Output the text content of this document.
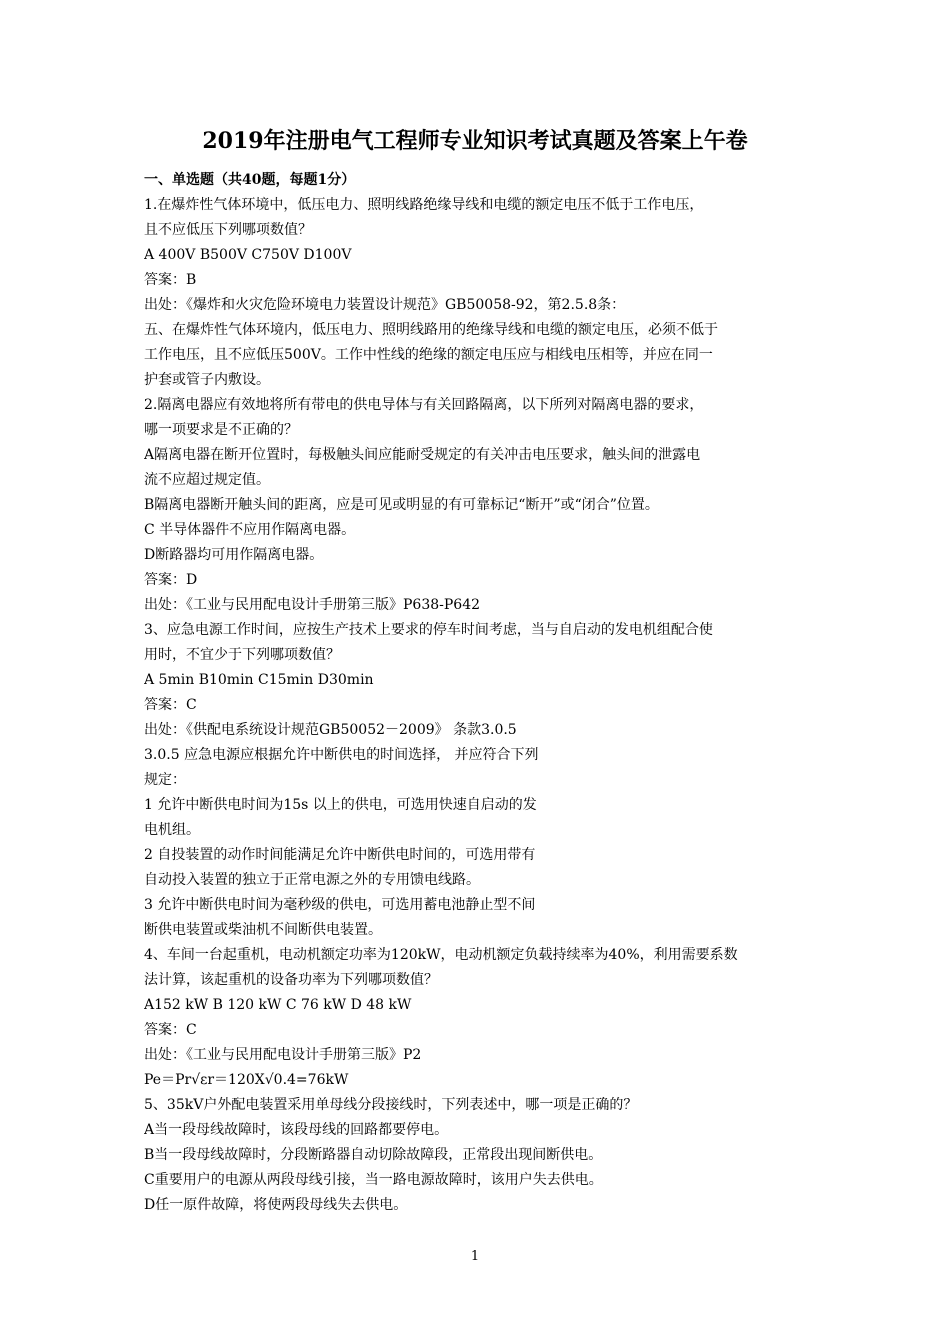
2019年注册电气工程师专业知识考试真题及答案上午卷
一、单选题（共40题，每题1分）
1.在爆炸性气体环境中，低压电力、照明线路绝缘导线和电缆的额定电压不低于工作电压，
且不应低压下列哪项数值？
A 400V B500V C750V D100V
答案：B
出处：《爆炸和火灾危险环境电力装置设计规范》GB50058-92，第2.5.8条：
五、在爆炸性气体环境内，低压电力、照明线路用的绝缘导线和电缆的额定电压，必须不低于
工作电压，且不应低压500V。工作中性线的绝缘的额定电压应与相线电压相等，并应在同一
护套或管子内敷设。
2.隔离电器应有效地将所有带电的供电导体与有关回路隔离，以下所列对隔离电器的要求，
哪一项要求是不正确的？
A隔离电器在断开位置时，每极触头间应能耐受规定的有关冲击电压要求，触头间的泄露电
流不应超过规定值。
B隔离电器断开触头间的距离，应是可见或明显的有可靠标记“断开”或“闭合”位置。
C 半导体器件不应用作隔离电器。
D断路器均可用作隔离电器。
答案：D
出处：《工业与民用配电设计手册第三版》P638-P642
3、应急电源工作时间，应按生产技术上要求的停车时间考虑，当与自启动的发电机组配合使
用时，不宜少于下列哪项数值？
A 5min B10min C15min D30min
答案：C
出处：《供配电系统设计规范GB50052－2009》 条款3.0.5
3.0.5 应急电源应根据允许中断供电的时间选择， 并应符合下列
规定：
1 允许中断供电时间为15s 以上的供电，可选用快速自启动的发
电机组。
2 自投装置的动作时间能满足允许中断供电时间的，可选用带有
自动投入装置的独立于正常电源之外的专用馈电线路。
3 允许中断供电时间为毫秒级的供电，可选用蓄电池静止型不间
断供电装置或柴油机不间断供电装置。
4、车间一台起重机，电动机额定功率为120kW，电动机额定负载持续率为40%，利用需要系数
法计算，该起重机的设备功率为下列哪项数值？
A152 kW B 120 kW C 76 kW D 48 kW
答案：C
出处：《工业与民用配电设计手册第三版》P2
Pe＝Pr√εr＝120X√0.4=76kW
5、35kV户外配电装置采用单母线分段接线时，下列表述中，哪一项是正确的？
A当一段母线故障时，该段母线的回路都要停电。
B当一段母线故障时，分段断路器自动切除故障段，正常段出现间断供电。
C重要用户的电源从两段母线引接，当一路电源故障时，该用户失去供电。
D任一原件故障，将使两段母线失去供电。
1
